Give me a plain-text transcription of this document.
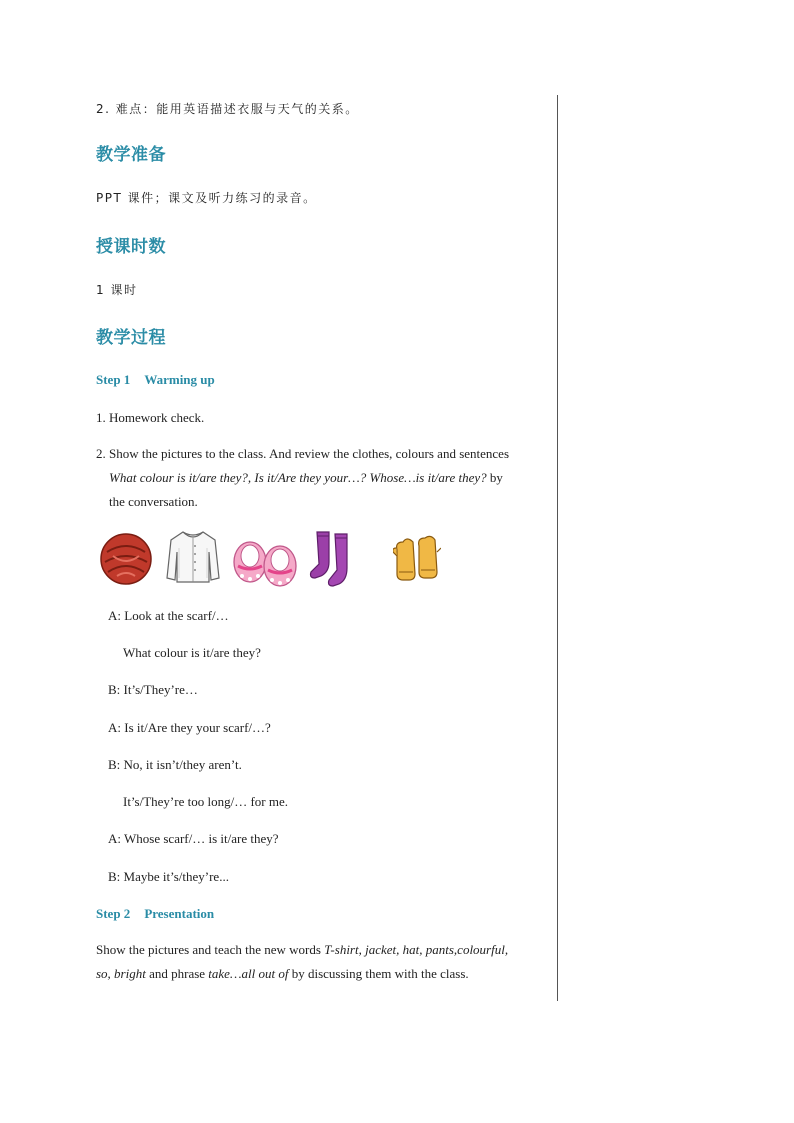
2. 难点：能用英语描述衣服与天气的关系。

教学准备

PPT 课件；课文及听力练习的录音。

授课时数

1 课时

教学过程

Step 1 Warming up

1. Homework check.

2. Show the pictures to the class. And review the clothes, colours and sentences
What colour is it/are they?, Is it/Are they your…? Whose…is it/are they? by
the conversation.

A: Look at the scarf/…

What colour is it/are they?

B: It’s/They’re…

A: Is it/Are they your scarf/…?

B: No, it isn’t/they aren’t.

It’s/They’re too long/… for me.

A: Whose scarf/… is it/are they?

B: Maybe it’s/they’re...

Step 2 Presentation

Show the pictures and teach the new words T-shirt, jacket, hat, pants,colourful,
so, bright and phrase take…all out of by discussing them with the class.
